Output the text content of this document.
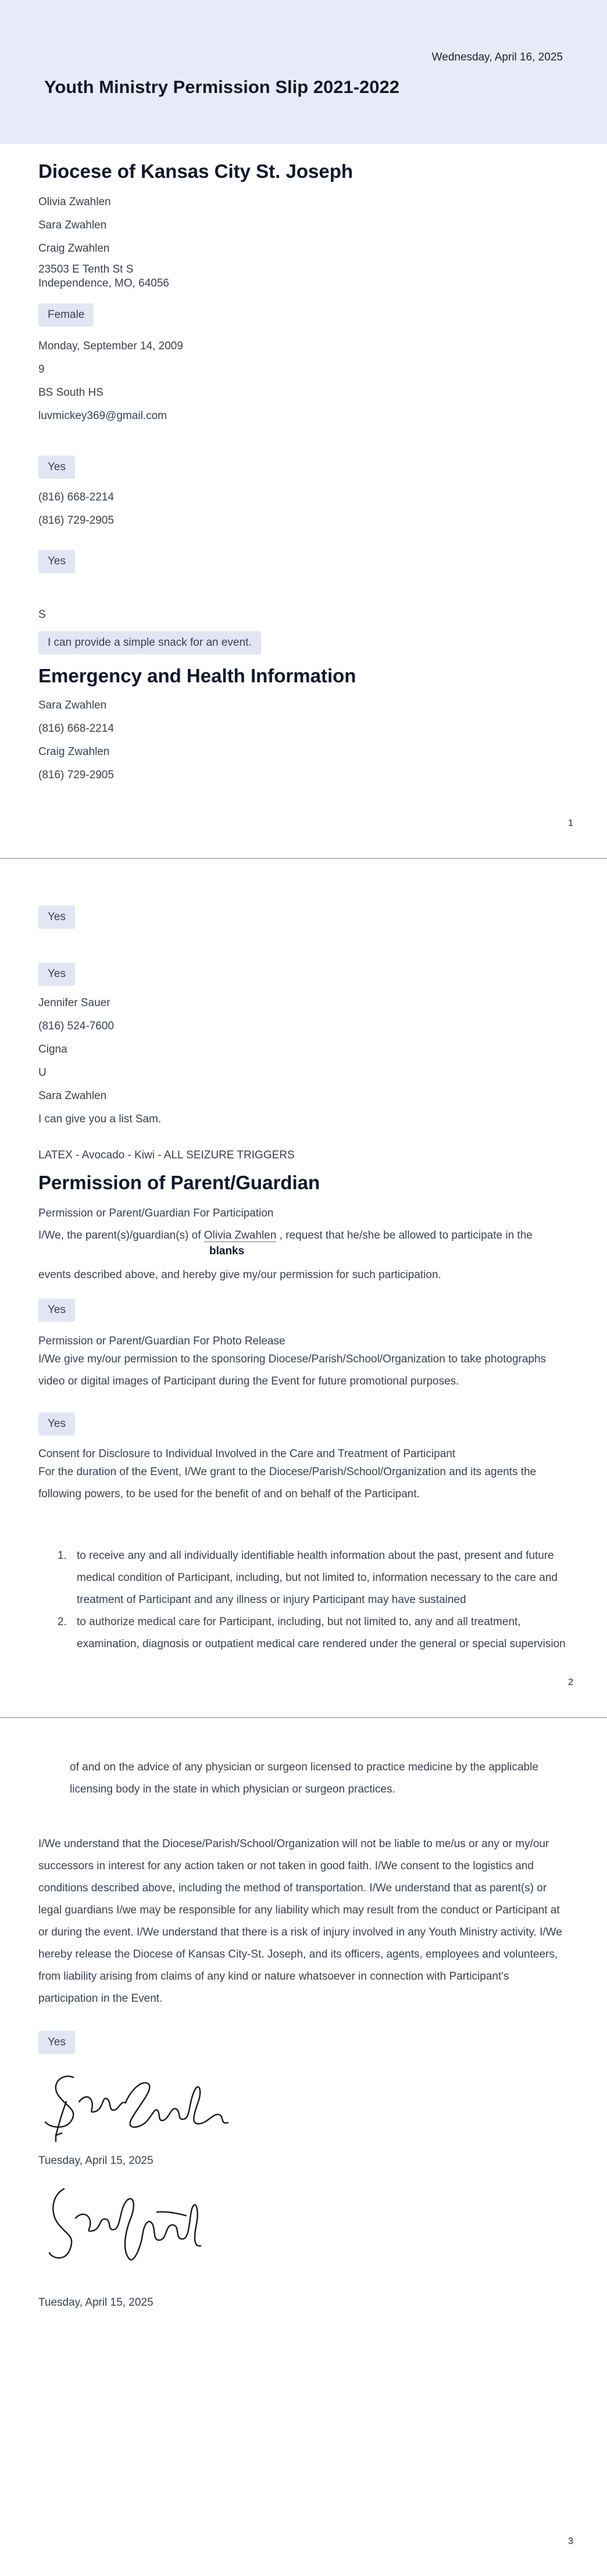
Wednesday, April 16, 2025
Youth Ministry Permission Slip 2021-2022
Diocese of Kansas City St. Joseph
Olivia Zwahlen
Sara Zwahlen
Craig Zwahlen
23503 E Tenth St S
Independence, MO, 64056
Female
Monday, September 14, 2009
9
BS South HS
luvmickey369@gmail.com
Yes
(816) 668-2214
(816) 729-2905
Yes
S
I can provide a simple snack for an event.
Emergency and Health Information
Sara Zwahlen
(816) 668-2214
Craig Zwahlen
(816) 729-2905
1
Yes
Yes
Jennifer Sauer
(816) 524-7600
Cigna
U
Sara Zwahlen
I can give you a list Sam.
LATEX - Avocado - Kiwi - ALL SEIZURE TRIGGERS
Permission of Parent/Guardian
Permission or Parent/Guardian For Participation
I/We, the parent(s)/guardian(s) of Olivia Zwahlen , request that he/she be allowed to participate in the
blanks
events described above, and hereby give my/our permission for such participation.
Yes
Permission or Parent/Guardian For Photo Release

I/We give my/our permission to the sponsoring Diocese/Parish/School/Organization to take photographs video or digital images of Participant during the Event for future promotional purposes.

Yes
Consent for Disclosure to Individual Involved in the Care and Treatment of Participant

For the duration of the Event, I/We grant to the Diocese/Parish/School/Organization and its agents the following powers, to be used for the benefit of and on behalf of the Participant.

1. to receive any and all individually identifiable health information about the past, present and future medical condition of Participant, including, but not limited to, information necessary to the care and treatment of Participant and any illness or injury Participant may have sustained
2. to authorize medical care for Participant, including, but not limited to, any and all treatment, examination, diagnosis or outpatient medical care rendered under the general or special supervision
2

of and on the advice of any physician or surgeon licensed to practice medicine by the applicable licensing body in the state in which physician or surgeon practices.

I/We understand that the Diocese/Parish/School/Organization will not be liable to me/us or any or my/our successors in interest for any action taken or not taken in good faith. I/We consent to the logistics and conditions described above, including the method of transportation. I/We understand that as parent(s) or legal guardians I/we may be responsible for any liability which may result from the conduct or Participant at or during the event. I/We understand that there is a risk of injury involved in any Youth Ministry activity. I/We hereby release the Diocese of Kansas City-St. Joseph, and its officers, agents, employees and volunteers, from liability arising from claims of any kind or nature whatsoever in connection with Participant's participation in the Event.

Yes
Tuesday, April 15, 2025
Tuesday, April 15, 2025
3
